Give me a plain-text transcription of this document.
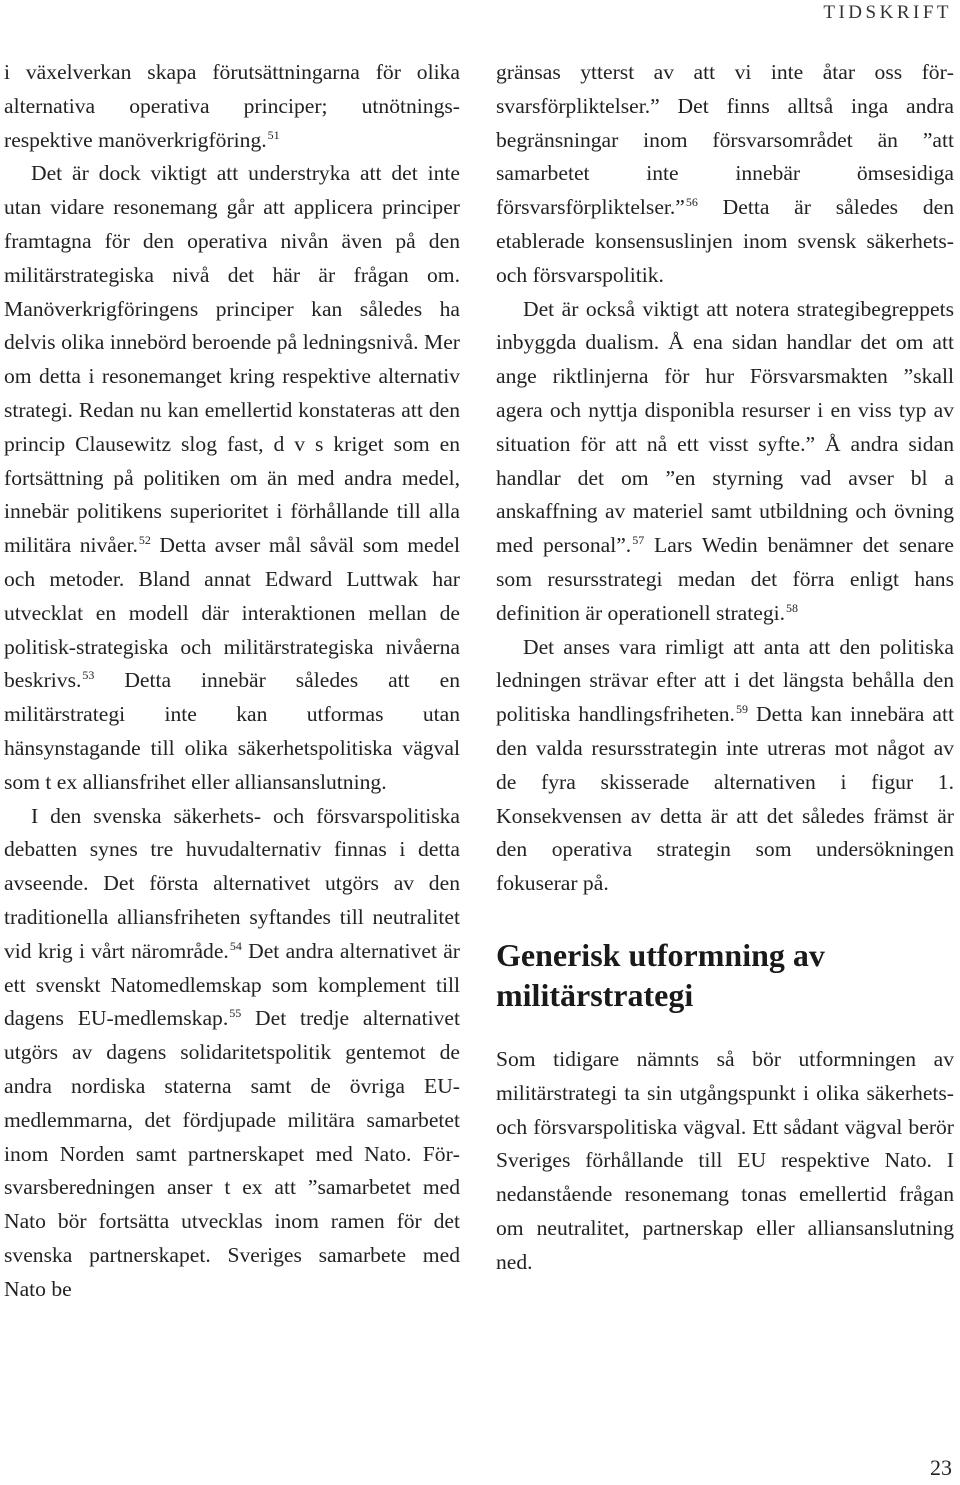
TIDSKRIFT

i växelverkan skapa förutsättningarna för olika alternativa operativa principer; utnötnings- respektive manöverkrigföring.$^{51}$

Det är dock viktigt att understryka att det inte utan vidare resonemang går att applicera principer framtagna för den operativa nivån även på den militärstrategiska nivå det här är frågan om. Manöverkrigföringens principer kan således ha delvis olika innebörd beroende på ledningsnivå. Mer om detta i resonemanget kring respektive alternativ strategi. Redan nu kan emellertid konstateras att den princip Clausewitz slog fast, d v s kriget som en fortsättning på politiken om än med andra medel, innebär politikens superioritet i förhållande till alla militära nivåer.$^{52}$ Detta avser mål såväl som medel och metoder. Bland annat Edward Luttwak har utvecklat en modell där interaktionen mellan de politisk-strategiska och militärstrategiska nivåerna beskrivs.$^{53}$ Detta innebär således att en militärstrategi inte kan utformas utan hänsynstagande till olika säkerhetspolitiska vägval som t ex alliansfrihet eller alliansanslutning.

I den svenska säkerhets- och försvarspolitiska debatten synes tre huvudalternativ finnas i detta avseende. Det första alternativet utgörs av den traditionella alliansfriheten syftandes till neutralitet vid krig i vårt närområde.$^{54}$ Det andra alternativet är ett svenskt Natomedlemskap som komplement till dagens EU-medlemskap.$^{55}$ Det tredje alternativet utgörs av dagens solidaritetspolitik gentemot de andra nordiska staterna samt de övriga EU-medlemmarna, det fördjupade militära samarbetet inom Norden samt partnerskapet med Nato. Försvarsberedningen anser t ex att ”samarbetet med Nato bör fortsätta utvecklas inom ramen för det svenska partnerskapet. Sveriges samarbete med Nato be

gränsas ytterst av att vi inte åtar oss försvarsförpliktelser.” Det finns alltså inga andra begränsningar inom försvarsområdet än ”att samarbetet inte innebär ömsesidiga försvarsförpliktelser.”$^{56}$ Detta är således den etablerade konsensuslinjen inom svensk säkerhets- och försvarspolitik.

Det är också viktigt att notera strategibegreppets inbyggda dualism. Å ena sidan handlar det om att ange riktlinjerna för hur Försvarsmakten ”skall agera och nyttja disponibla resurser i en viss typ av situation för att nå ett visst syfte.” Å andra sidan handlar det om ”en styrning vad avser bl a anskaffning av materiel samt utbildning och övning med personal”.$^{57}$ Lars Wedin benämner det senare som resursstrategi medan det förra enligt hans definition är operationell strategi.$^{58}$

Det anses vara rimligt att anta att den politiska ledningen strävar efter att i det längsta behålla den politiska handlingsfriheten.$^{59}$ Detta kan innebära att den valda resursstrategin inte utreras mot något av de fyra skisserade alternativen i figur 1. Konsekvensen av detta är att det således främst är den operativa strategin som undersökningen fokuserar på.

Generisk utformning av militärstrategi

Som tidigare nämnts så bör utformningen av militärstrategi ta sin utgångspunkt i olika säkerhets- och försvarspolitiska vägval. Ett sådant vägval berör Sveriges förhållande till EU respektive Nato. I nedanstående resonemang tonas emellertid frågan om neutralitet, partnerskap eller alliansanslutning ned.

23
